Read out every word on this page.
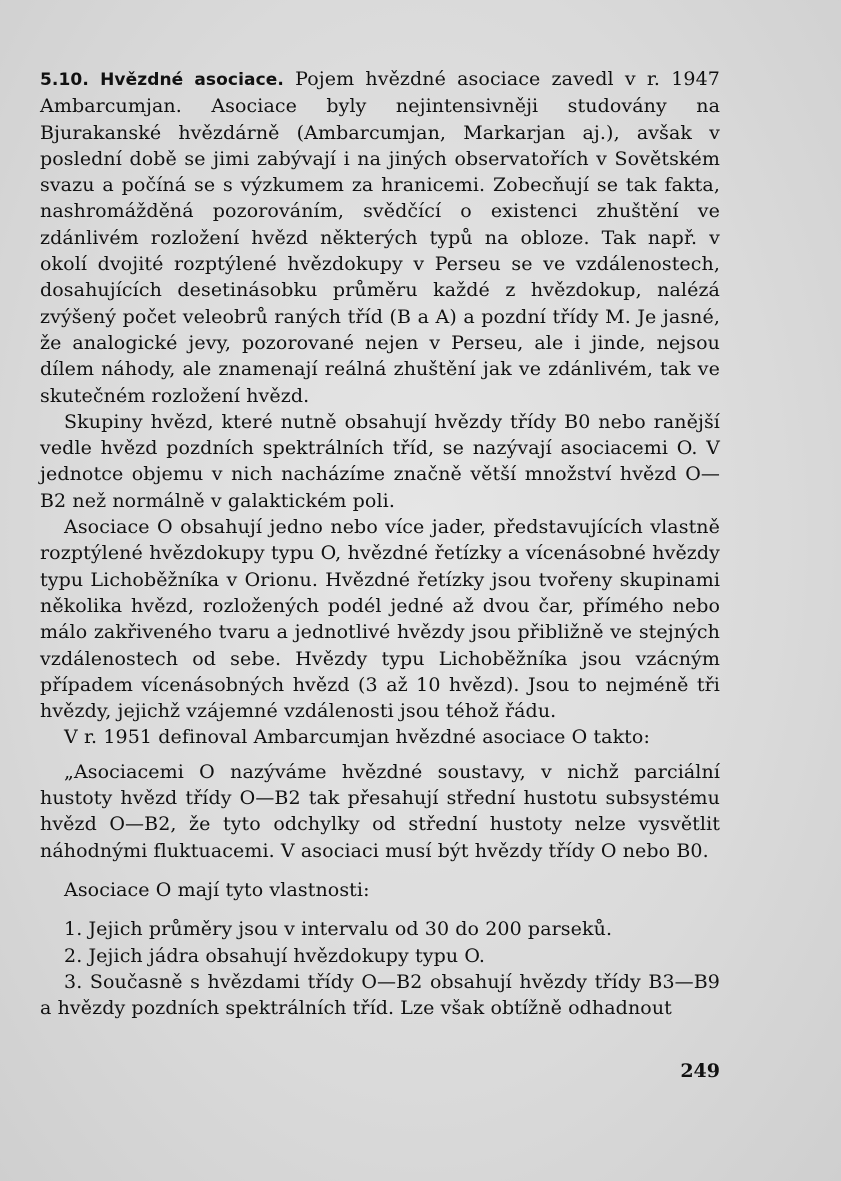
5.10. Hvězdné asociace. Pojem hvězdné asociace zavedl v r. 1947 Ambarcumjan. Asociace byly nejintensivněji studovány na Bjurakanské hvězdárně (Ambarcumjan, Markarjan aj.), avšak v poslední době se jimi zabývají i na jiných observatořích v Sovětském svazu a počíná se s výzkumem za hranicemi. Zobecňují se tak fakta, nashromážděná pozorováním, svědčící o existenci zhuštění ve zdánlivém rozložení hvězd některých typů na obloze. Tak např. v okolí dvojité rozptýlené hvězdokupy v Perseu se ve vzdálenostech, dosahujících desetinásobku průměru každé z hvězdokup, nalézá zvýšený počet veleobrů raných tříd (B a A) a pozdní třídy M. Je jasné, že analogické jevy, pozorované nejen v Perseu, ale i jinde, nejsou dílem náhody, ale znamenají reálná zhuštění jak ve zdánlivém, tak ve skutečném rozložení hvězd.

Skupiny hvězd, které nutně obsahují hvězdy třídy B0 nebo ranější vedle hvězd pozdních spektrálních tříd, se nazývají asociacemi O. V jednotce objemu v nich nacházíme značně větší množství hvězd O—B2 než normálně v galaktickém poli.

Asociace O obsahují jedno nebo více jader, představujících vlastně rozptýlené hvězdokupy typu O, hvězdné řetízky a vícenásobné hvězdy typu Lichoběžníka v Orionu. Hvězdné řetízky jsou tvořeny skupinami několika hvězd, rozložených podél jedné až dvou čar, přímého nebo málo zakřiveného tvaru a jednotlivé hvězdy jsou přibližně ve stejných vzdálenostech od sebe. Hvězdy typu Lichoběžníka jsou vzácným případem vícenásobných hvězd (3 až 10 hvězd). Jsou to nejméně tři hvězdy, jejichž vzájemné vzdálenosti jsou téhož řádu.

V r. 1951 definoval Ambarcumjan hvězdné asociace O takto:

„Asociacemi O nazýváme hvězdné soustavy, v nichž parciální hustoty hvězd třídy O—B2 tak přesahují střední hustotu subsystému hvězd O—B2, že tyto odchylky od střední hustoty nelze vysvětlit náhodnými fluktuacemi. V asociaci musí být hvězdy třídy O nebo B0.

Asociace O mají tyto vlastnosti:

1. Jejich průměry jsou v intervalu od 30 do 200 parseků.

2. Jejich jádra obsahují hvězdokupy typu O.

3. Současně s hvězdami třídy O—B2 obsahují hvězdy třídy B3—B9 a hvězdy pozdních spektrálních tříd. Lze však obtížně odhadnout

249
